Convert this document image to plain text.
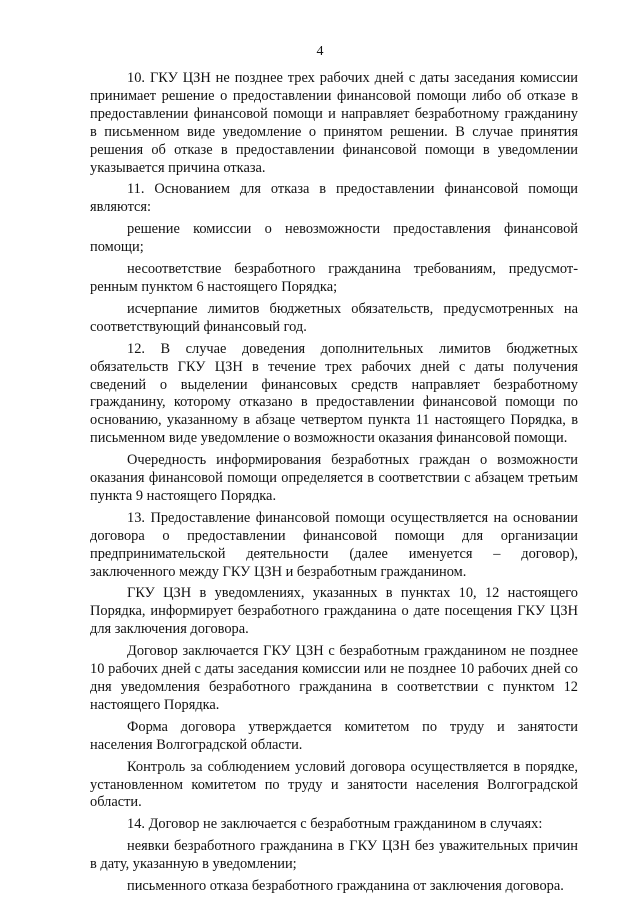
4

10. ГКУ ЦЗН не позднее трех рабочих дней с даты заседания комиссии принимает решение о предоставлении финансовой помощи либо об отказе в предоставлении финансовой помощи и направляет безработному гражданину в письменном виде уведомление о принятом решении. В случае принятия решения об отказе в предоставлении финансовой помощи в уведомлении указывается причина отказа.

11. Основанием для отказа в предоставлении финансовой помощи являются:

решение комиссии о невозможности предоставления финансовой помощи;

несоответствие безработного гражданина требованиям, предусмотренным пунктом 6 настоящего Порядка;

исчерпание лимитов бюджетных обязательств, предусмотренных на соответствующий финансовый год.

12. В случае доведения дополнительных лимитов бюджетных обязательств ГКУ ЦЗН в течение трех рабочих дней с даты получения сведений о выделении финансовых средств направляет безработному гражданину, которому отказано в предоставлении финансовой помощи по основанию, указанному в абзаце четвертом пункта 11 настоящего Порядка, в письменном виде уведомление о возможности оказания финансовой помощи.

Очередность информирования безработных граждан о возможности оказания финансовой помощи определяется в соответствии с абзацем третьим пункта 9 настоящего Порядка.

13. Предоставление финансовой помощи осуществляется на основании договора о предоставлении финансовой помощи для организации предпринимательской деятельности (далее именуется – договор), заключенного между ГКУ ЦЗН и безработным гражданином.

ГКУ ЦЗН в уведомлениях, указанных в пунктах 10, 12 настоящего Порядка, информирует безработного гражданина о дате посещения ГКУ ЦЗН для заключения договора.

Договор заключается ГКУ ЦЗН с безработным гражданином не позднее 10 рабочих дней с даты заседания комиссии или не позднее 10 рабочих дней со дня уведомления безработного гражданина в соответствии с пунктом 12 настоящего Порядка.

Форма договора утверждается комитетом по труду и занятости населения Волгоградской области.

Контроль за соблюдением условий договора осуществляется в порядке, установленном комитетом по труду и занятости населения Волгоградской области.

14. Договор не заключается с безработным гражданином в случаях:

неявки безработного гражданина в ГКУ ЦЗН без уважительных причин в дату, указанную в уведомлении;

письменного отказа безработного гражданина от заключения договора.
